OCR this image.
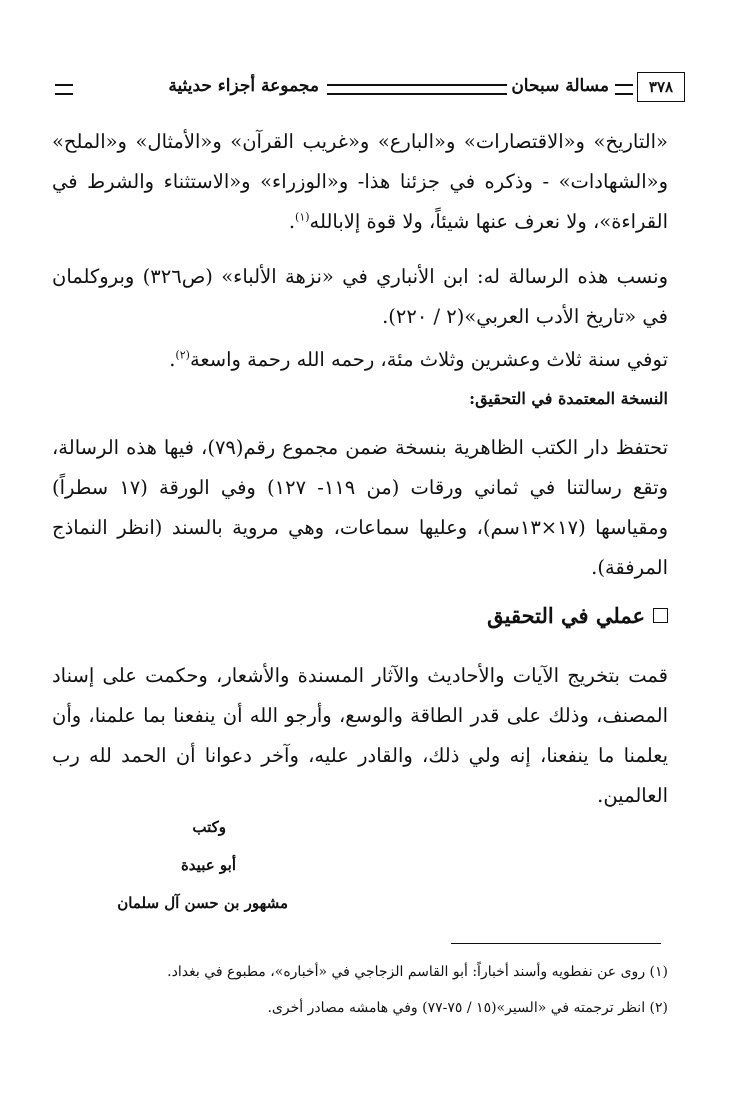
٣٧٨
مسالة سبحان
مجموعة أجزاء حديثية
«التاريخ» و«الاقتصارات» و«البارع» و«غريب القرآن» و«الأمثال» و«الملح» و«الشهادات» - وذكره في جزئنا هذا- و«الوزراء» و«الاستثناء والشرط في القراءة»، ولا نعرف عنها شيئاً، ولا قوة إلابالله$^{(١)}$.
ونسب هذه الرسالة له: ابن الأنباري في «نزهة الألباء» (ص٣٢٦) وبروكلمان في «تاريخ الأدب العربي»(٢ / ٢٢٠).
توفي سنة ثلاث وعشرين وثلاث مئة، رحمه الله رحمة واسعة$^{(٢)}$.
النسخة المعتمدة في التحقيق:
تحتفظ دار الكتب الظاهرية بنسخة ضمن مجموع رقم(٧٩)، فيها هذه الرسالة، وتقع رسالتنا في ثماني ورقات (من ١١٩- ١٢٧) وفي الورقة (١٧ سطراً) ومقياسها (١٧×١٣سم)، وعليها سماعات، وهي مروية بالسند (انظر النماذج المرفقة).
عملي في التحقيق
قمت بتخريج الآيات والأحاديث والآثار المسندة والأشعار، وحكمت على إسناد المصنف، وذلك على قدر الطاقة والوسع، وأرجو الله أن ينفعنا بما علمنا، وأن يعلمنا ما ينفعنا، إنه ولي ذلك، والقادر عليه، وآخر دعوانا أن الحمد لله رب العالمين.
وكتب
أبو عبيدة
مشهور بن حسن آل سلمان
(١) روى عن نفطويه وأسند أخباراً: أبو القاسم الزجاجي في «أخباره»، مطبوع في بغداد.
(٢) انظر ترجمته في «السير»(١٥ / ٧٥-٧٧) وفي هامشه مصادر أخرى.
